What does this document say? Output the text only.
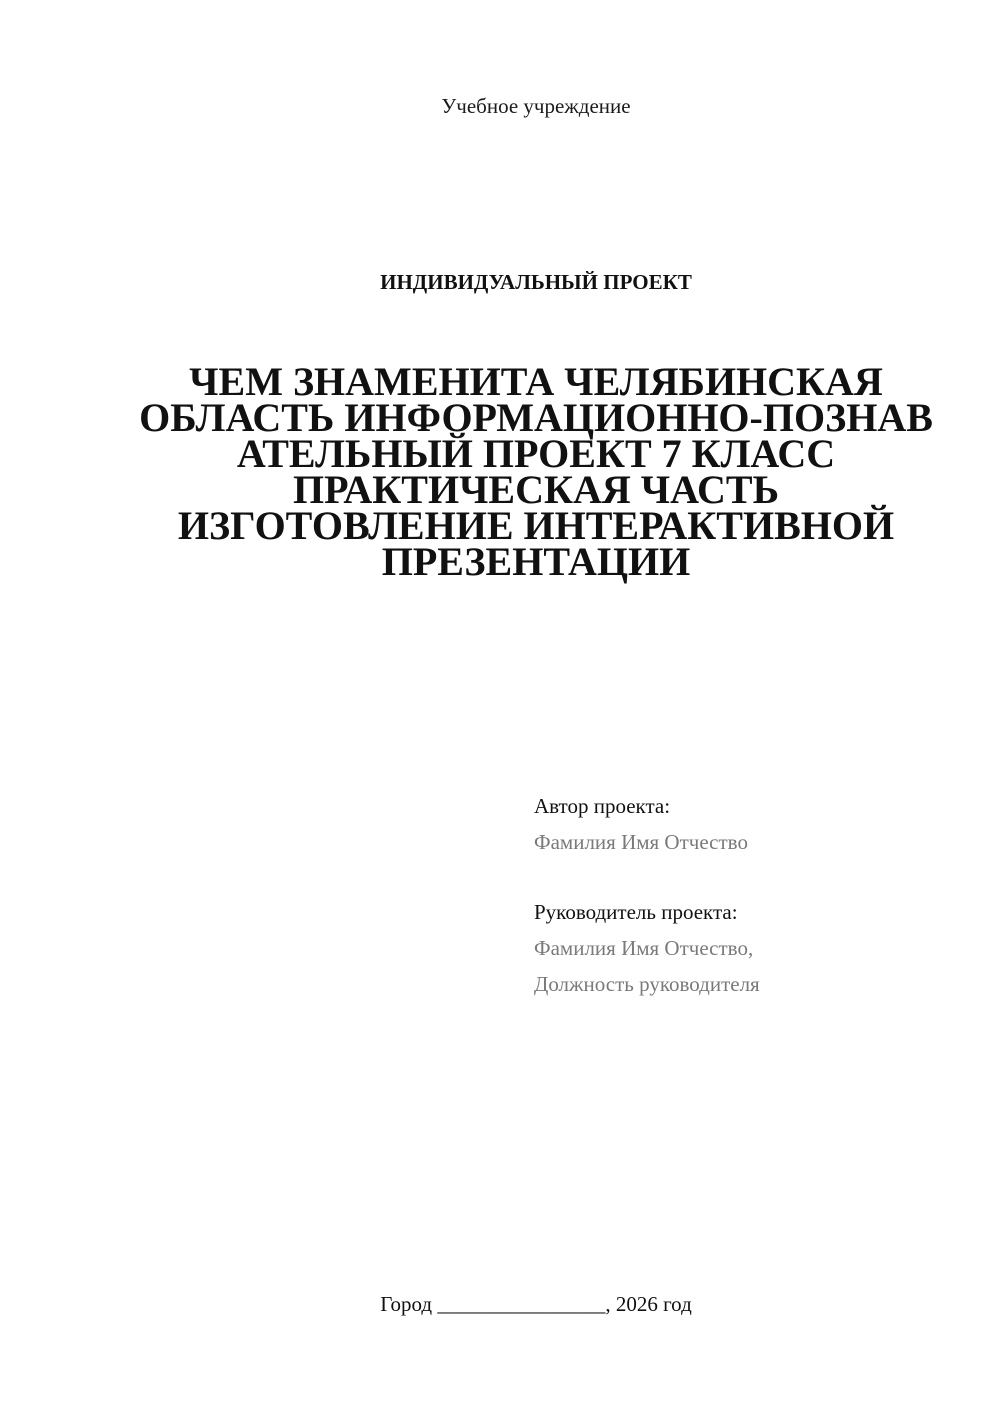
Учебное учреждение
ИНДИВИДУАЛЬНЫЙ ПРОЕКТ
ЧЕМ ЗНАМЕНИТА ЧЕЛЯБИНСКАЯ
ОБЛАСТЬ ИНФОРМАЦИОННО-ПОЗНАВ
АТЕЛЬНЫЙ ПРОЕКТ 7 КЛАСС
ПРАКТИЧЕСКАЯ ЧАСТЬ
ИЗГОТОВЛЕНИЕ ИНТЕРАКТИВНОЙ
ПРЕЗЕНТАЦИИ
Автор проекта:
Фамилия Имя Отчество
Руководитель проекта:
Фамилия Имя Отчество,
Должность руководителя
Город ________________, 2026 год
